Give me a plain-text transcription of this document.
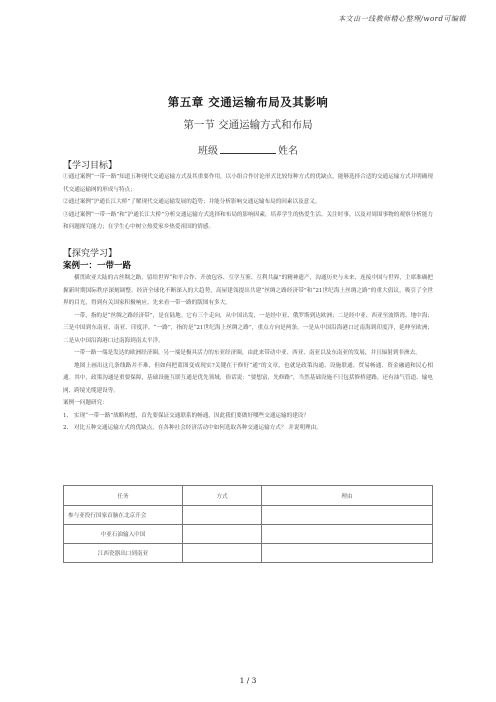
本文由一线教师精心整理/word可编辑
第五章 交通运输布局及其影响
第一节 交通运输方式和布局
班级	姓名
【学习目标】
①通过案例“一带一路”知道五种现代交通运输方式及其重要作用，以小组合作讨论形式比较每种方式的优缺点，能够选择合适的交通运输方式并明确现代交通运输网的形成与特点；
②通过案例“沪通长江大桥”了解现代交通运输发展的趋势；并能分析影响交通运输布局的因素以及意义。
③通过案例“一带一路”和“沪通长江大桥”分析交通运输方式选择和布局的影响因素，培养学生的热爱生活、关注时事，以及对周围事物的观察分析能力和问题探究能力；在学生心中树立热爱家乡热爱祖国的情感。
【探究学习】
案例一：一带一路
横贯欧亚大陆的古丝绸之路，留给世界“和平合作、开放包容、互学互鉴、互利共赢”的精神遗产，沟通历史与未来，连接中国与世界，主席准确把握新时期国际秩序深刻调整、经济全球化不断深入的大趋势，高屋建瓴提出共建“丝绸之路经济带”和“21世纪海上丝绸之路”的重大倡议，吸引了全世界的目光，得到有关国家积极响应。先来看一带一路的版图有多大。
一带，指的是“丝绸之路经济带”，是在陆地。它有三个走向，从中国出发，一是经中亚、俄罗斯到达欧洲；二是经中亚、西亚至波斯湾、地中海；三是中国到东南亚、南亚、印度洋。“一路”，指的是“21世纪海上丝绸之路”，重点方向是两条，一是从中国沿海港口过南海到印度洋，延伸至欧洲；二是从中国沿海港口过南海到南太平洋。
一带一路一端是发达的欧洲经济圈，另一端是极具活力的东亚经济圈，由此来带动中亚、西亚、南亚以及东南亚的发展，并且辐射到非洲去。
地图上画出这几条线路并不难，但如何把蓝图变成现实?关键在于修好“通”的文章，也就是政策沟通、设施联通、贸易畅通、资金融通和民心相通。其中，政策沟通是重要保障，基础设施互联互通是优先领域，俗话说：“要想富，先修路”，当然基础设施不只包括修桥建路，还有油气管道、输电网、跨境光缆建设等。
案例一问题研究：
1、 实现“一带一路”战略构想，首先要保证交通联系的畅通，因此我们要做好哪些交通运输的建设？
2、 对比五种交通运输方式的优缺点，在各种社会经济活动中如何选取各种交通运输方式？ 并说明理由。
任务	方式	理由
参与亚投行国家首脑在北京开会		
中亚石油输入中国		
江西瓷器出口到南亚		
1 / 3
